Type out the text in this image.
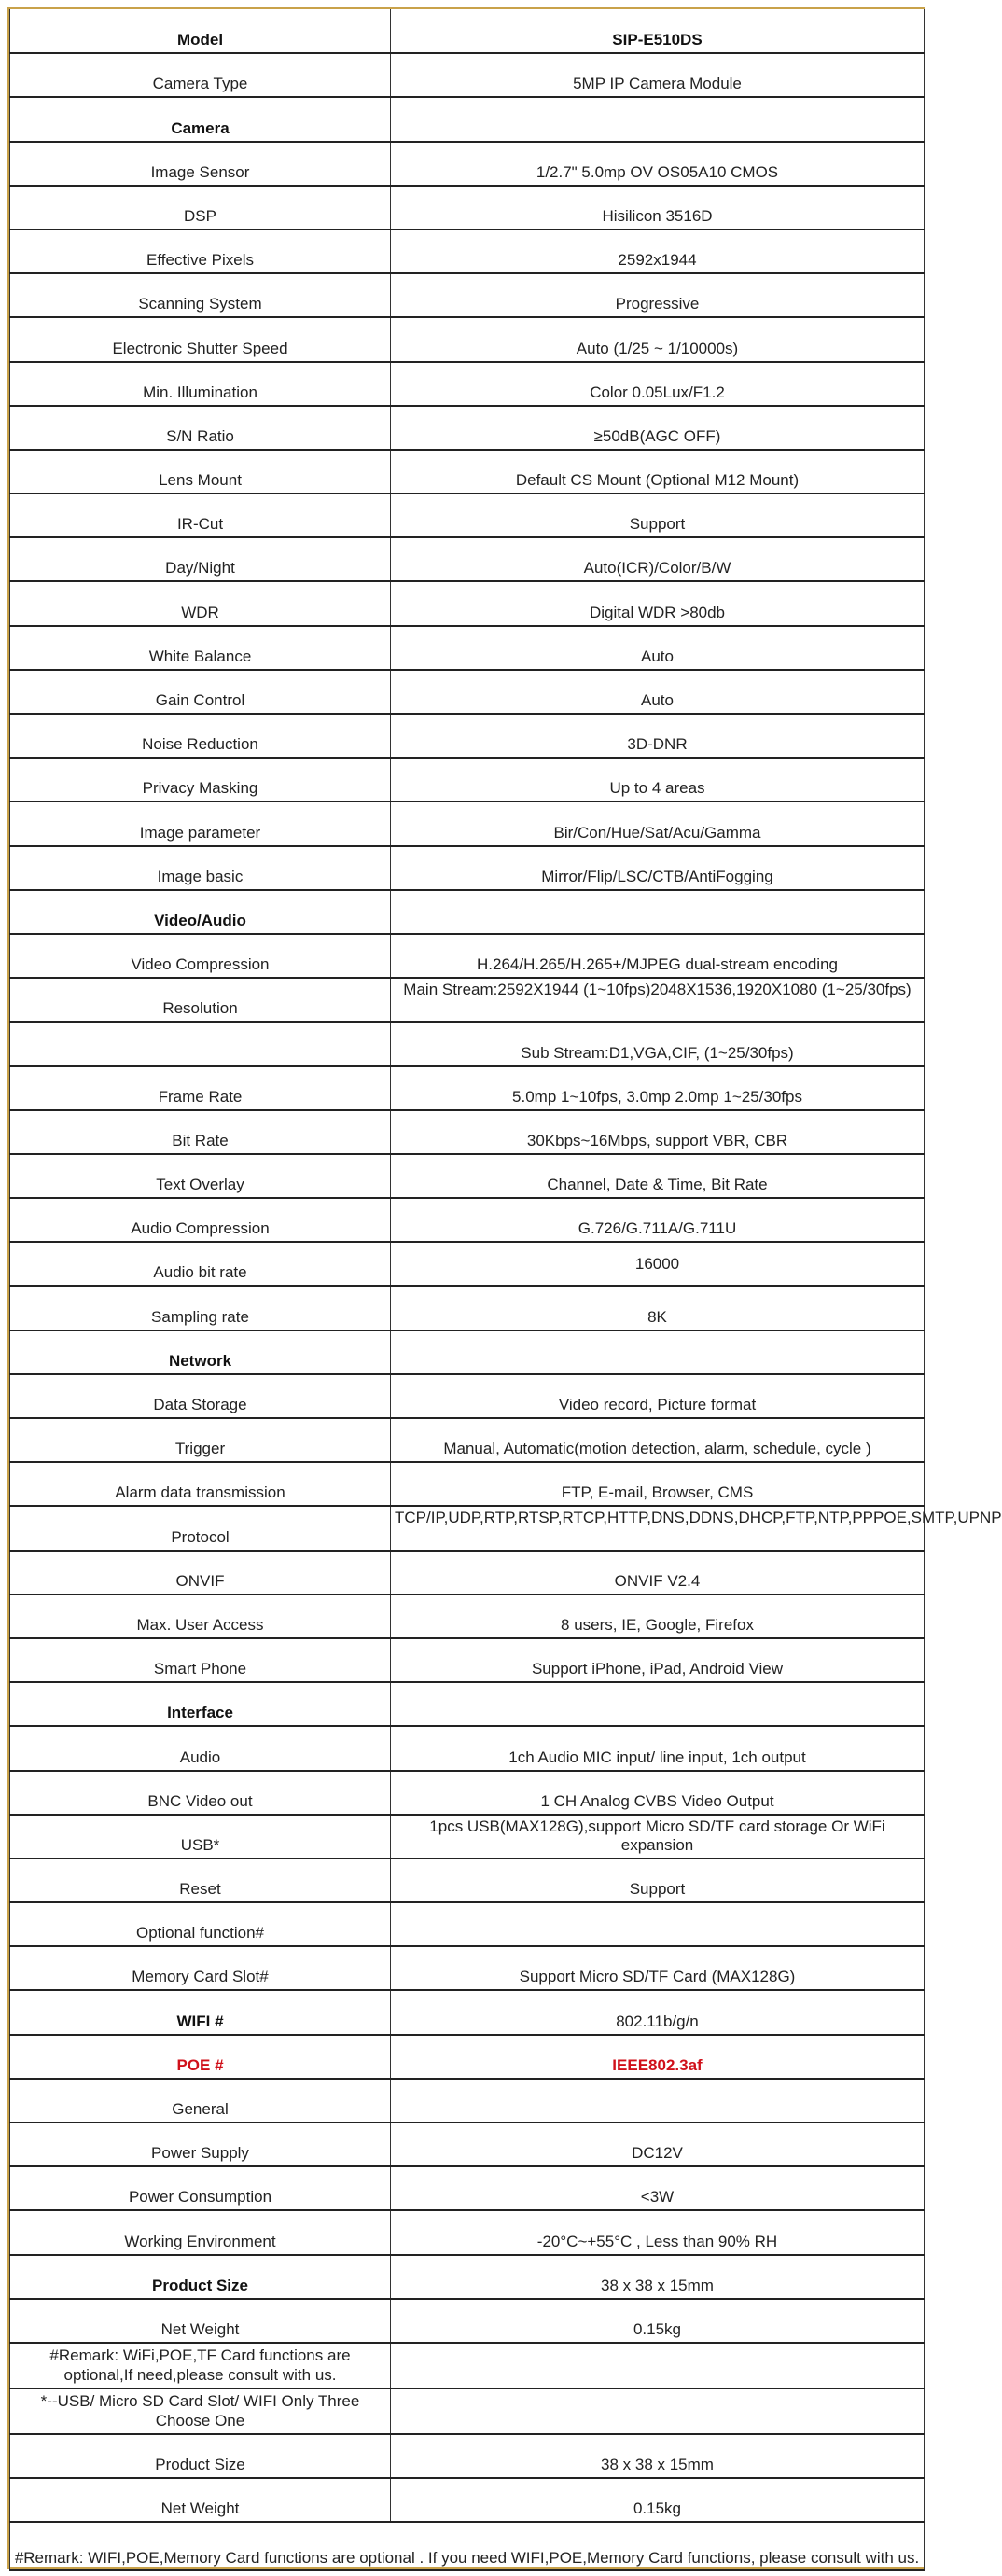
Model	SIP-E510DS
Camera Type	5MP IP Camera Module
Camera	
Image Sensor	1/2.7" 5.0mp OV OS05A10 CMOS
DSP	Hisilicon 3516D
Effective Pixels	2592x1944
Scanning System	Progressive
Electronic Shutter Speed	Auto (1/25 ~ 1/10000s)
Min. Illumination	Color 0.05Lux/F1.2
S/N Ratio	≥50dB(AGC OFF)
Lens Mount	Default CS Mount (Optional M12 Mount)
IR-Cut	Support
Day/Night	Auto(ICR)/Color/B/W
WDR	Digital WDR >80db
White Balance	Auto
Gain Control	Auto
Noise Reduction	3D-DNR
Privacy Masking	Up to 4 areas
Image parameter	Bir/Con/Hue/Sat/Acu/Gamma
Image basic	Mirror/Flip/LSC/CTB/AntiFogging
Video/Audio	
Video Compression	H.264/H.265/H.265+/MJPEG dual-stream encoding
Resolution	Main Stream:2592X1944 (1~10fps)2048X1536,1920X1080 (1~25/30fps)
	Sub Stream:D1,VGA,CIF, (1~25/30fps)
Frame Rate	5.0mp 1~10fps, 3.0mp 2.0mp 1~25/30fps
Bit Rate	30Kbps~16Mbps, support VBR, CBR
Text Overlay	Channel, Date & Time, Bit Rate
Audio Compression	G.726/G.711A/G.711U
Audio bit rate	16000
Sampling rate	8K
Network	
Data Storage	Video record, Picture format
Trigger	Manual, Automatic(motion detection, alarm, schedule, cycle )
Alarm data transmission	FTP, E-mail, Browser, CMS
Protocol	TCP/IP,UDP,RTP,RTSP,RTCP,HTTP,DNS,DDNS,DHCP,FTP,NTP,PPPOE,SMTP,UPNP
ONVIF	ONVIF V2.4
Max. User Access	8 users, IE, Google, Firefox
Smart Phone	Support iPhone, iPad, Android View
Interface	
Audio	1ch Audio MIC input/ line input, 1ch output
BNC Video out	1 CH Analog CVBS Video Output
USB*	1pcs USB(MAX128G),support Micro SD/TF card storage Or WiFi expansion
Reset	Support
Optional function#	
Memory Card Slot#	Support Micro SD/TF Card (MAX128G)
WIFI #	802.11b/g/n
POE #	IEEE802.3af
General	
Power Supply	DC12V
Power Consumption	<3W
Working Environment	-20°C~+55°C , Less than 90% RH
Product Size	38 x 38 x 15mm
Net Weight	0.15kg
#Remark: WiFi,POE,TF Card functions are optional,If need,please consult with us.	
*--USB/ Micro SD Card Slot/ WIFI Only Three Choose One	
Product Size	38 x 38 x 15mm
Net Weight	0.15kg
#Remark: WIFI,POE,Memory Card functions are optional . If you need WIFI,POE,Memory Card functions, please consult with us.	
